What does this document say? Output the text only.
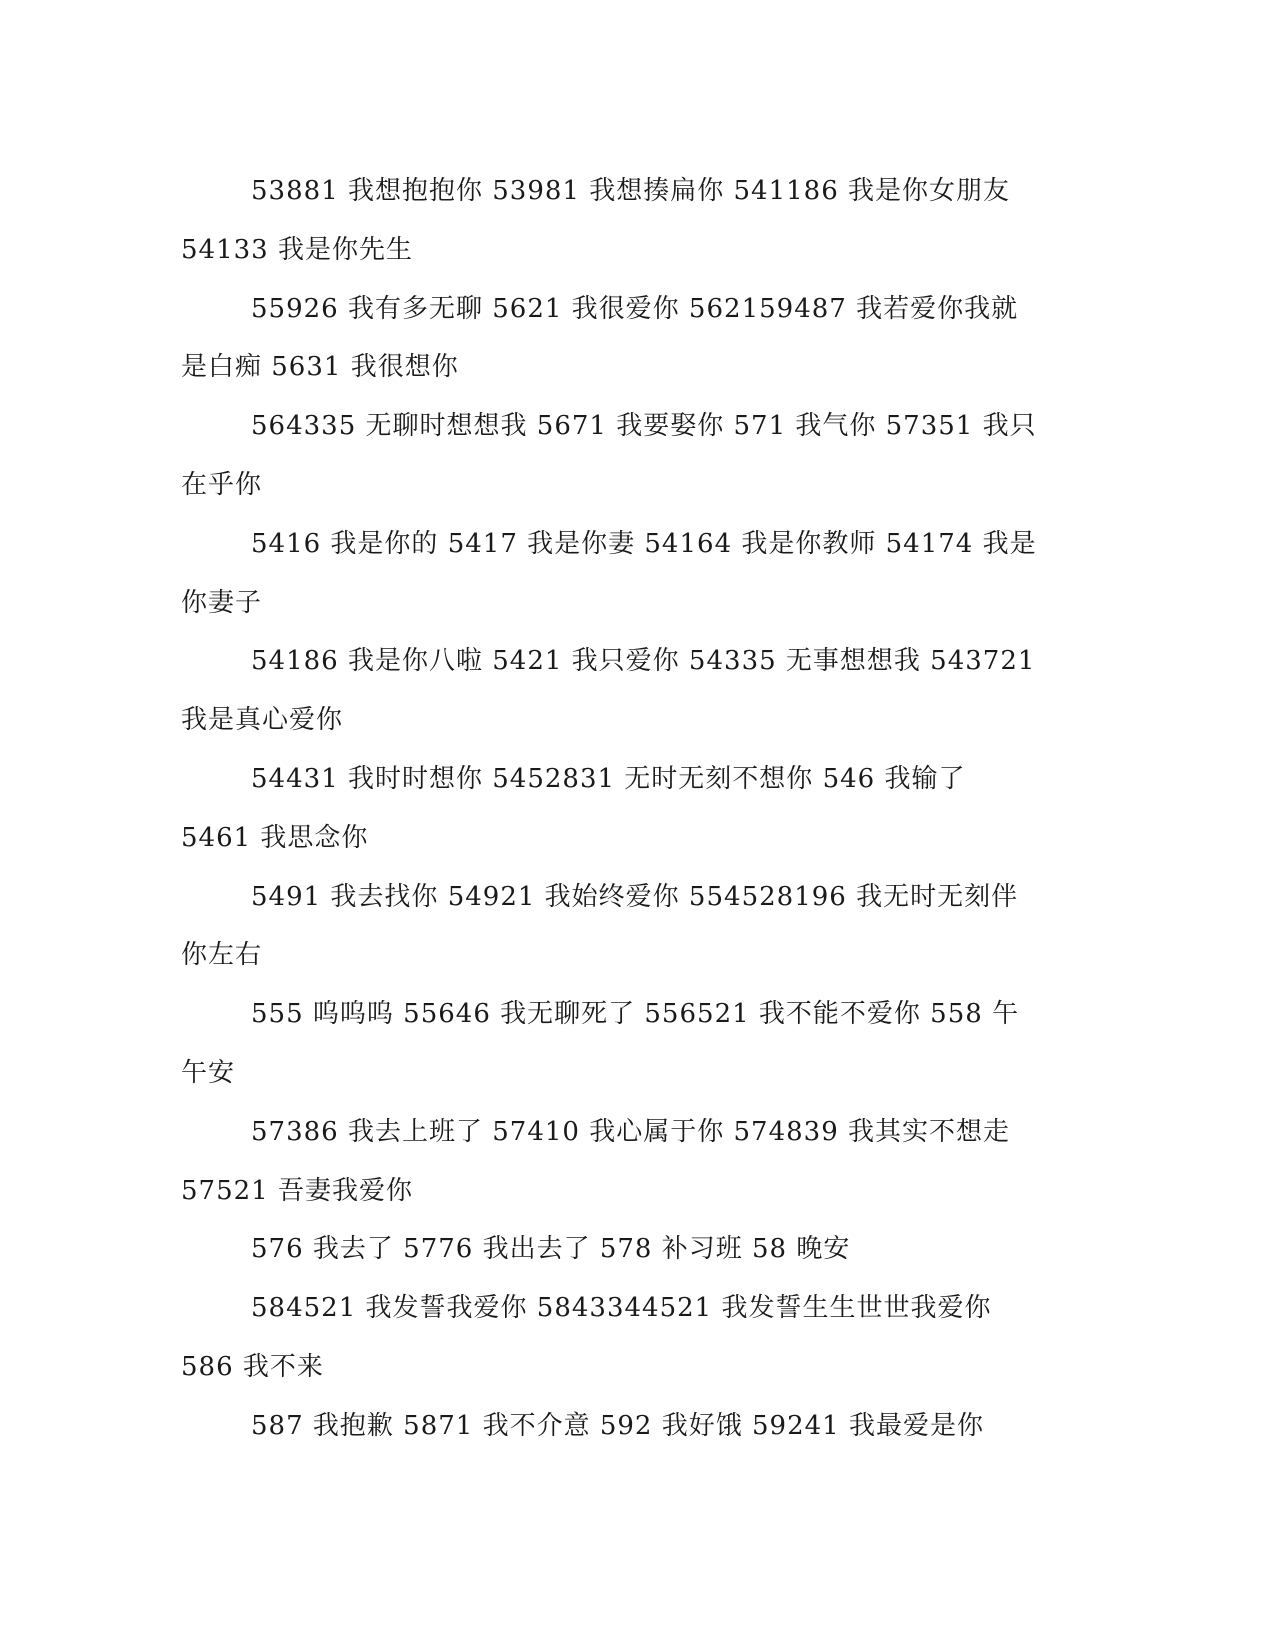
53881 我想抱抱你 53981 我想揍扁你 541186 我是你女朋友 54133 我是你先生

55926 我有多无聊 5621 我很爱你 562159487 我若爱你我就是白痴 5631 我很想你

564335 无聊时想想我 5671 我要娶你 571 我气你 57351 我只在乎你

5416 我是你的 5417 我是你妻 54164 我是你教师 54174 我是你妻子

54186 我是你八啦 5421 我只爱你 54335 无事想想我 543721 我是真心爱你

54431 我时时想你 5452831 无时无刻不想你 546 我输了 5461 我思念你

5491 我去找你 54921 我始终爱你 554528196 我无时无刻伴你左右

555 呜呜呜 55646 我无聊死了 556521 我不能不爱你 558 午午安

57386 我去上班了 57410 我心属于你 574839 我其实不想走 57521 吾妻我爱你

576 我去了 5776 我出去了 578 补习班 58 晚安

584521 我发誓我爱你 5843344521 我发誓生生世世我爱你 586 我不来

587 我抱歉 5871 我不介意 592 我好饿 59241 我最爱是你
